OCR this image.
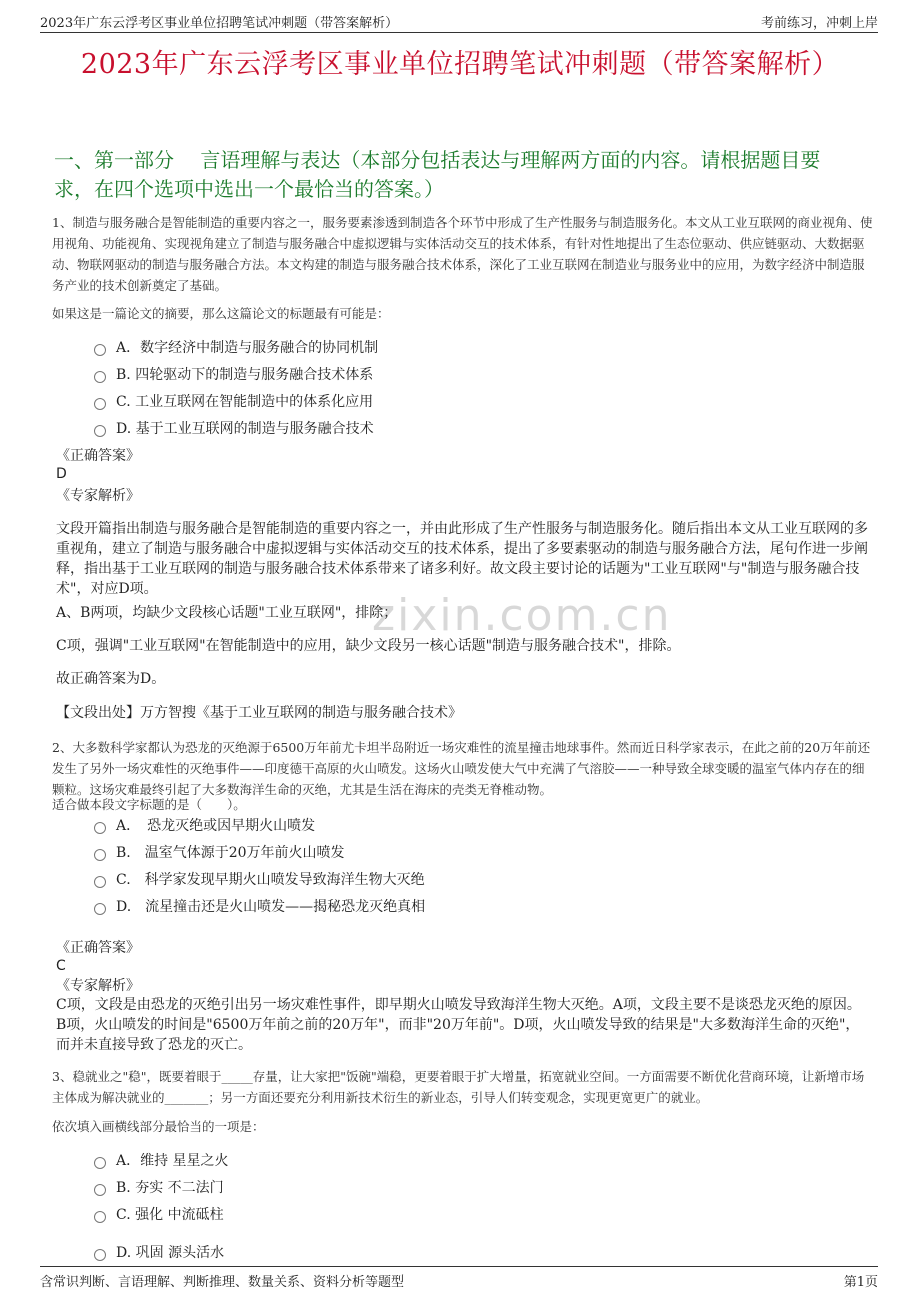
2023年广东云浮考区事业单位招聘笔试冲刺题（带答案解析）	考前练习，冲刺上岸
2023年广东云浮考区事业单位招聘笔试冲刺题（带答案解析）
一、第一部分　 言语理解与表达（本部分包括表达与理解两方面的内容。请根据题目要求，在四个选项中选出一个最恰当的答案。）
zixin.com.cn
1、制造与服务融合是智能制造的重要内容之一，服务要素渗透到制造各个环节中形成了生产性服务与制造服务化。本文从工业互联网的商业视角、使用视角、功能视角、实现视角建立了制造与服务融合中虚拟逻辑与实体活动交互的技术体系，有针对性地提出了生态位驱动、供应链驱动、大数据驱动、物联网驱动的制造与服务融合方法。本文构建的制造与服务融合技术体系，深化了工业互联网在制造业与服务业中的应用，为数字经济中制造服务产业的技术创新奠定了基础。
如果这是一篇论文的摘要，那么这篇论文的标题最有可能是：
A．数字经济中制造与服务融合的协同机制
B. 四轮驱动下的制造与服务融合技术体系
C. 工业互联网在智能制造中的体系化应用
D. 基于工业互联网的制造与服务融合技术
《正确答案》
D
《专家解析》
文段开篇指出制造与服务融合是智能制造的重要内容之一，并由此形成了生产性服务与制造服务化。随后指出本文从工业互联网的多重视角，建立了制造与服务融合中虚拟逻辑与实体活动交互的技术体系，提出了多要素驱动的制造与服务融合方法，尾句作进一步阐释，指出基于工业互联网的制造与服务融合技术体系带来了诸多利好。故文段主要讨论的话题为"工业互联网"与"制造与服务融合技术"，对应D项。
A、B两项，均缺少文段核心话题"工业互联网"，排除；
C项，强调"工业互联网"在智能制造中的应用，缺少文段另一核心话题"制造与服务融合技术"，排除。
故正确答案为D。
【文段出处】万方智搜《基于工业互联网的制造与服务融合技术》
2、大多数科学家都认为恐龙的灭绝源于6500万年前尤卡坦半岛附近一场灾难性的流星撞击地球事件。然而近日科学家表示，在此之前的20万年前还发生了另外一场灾难性的灭绝事件——印度德干高原的火山喷发。这场火山喷发使大气中充满了气溶胶——一种导致全球变暖的温室气体内存在的细颗粒。这场灾难最终引起了大多数海洋生命的灭绝，尤其是生活在海床的壳类无脊椎动物。
适合做本段文字标题的是（　　）。
A．　恐龙灭绝或因早期火山喷发
B.　温室气体源于20万年前火山喷发
C.　科学家发现早期火山喷发导致海洋生物大灭绝
D.　流星撞击还是火山喷发——揭秘恐龙灭绝真相
《正确答案》
C
《专家解析》
C项，文段是由恐龙的灭绝引出另一场灾难性事件，即早期火山喷发导致海洋生物大灭绝。A项，文段主要不是谈恐龙灭绝的原因。B项，火山喷发的时间是"6500万年前之前的20万年"，而非"20万年前"。D项，火山喷发导致的结果是"大多数海洋生命的灭绝"，而并未直接导致了恐龙的灭亡。
3、稳就业之"稳"，既要着眼于_____存量，让大家把"饭碗"端稳，更要着眼于扩大增量，拓宽就业空间。一方面需要不断优化营商环境，让新增市场主体成为解决就业的_______；另一方面还要充分利用新技术衍生的新业态，引导人们转变观念，实现更宽更广的就业。
依次填入画横线部分最恰当的一项是：
A．维持 星星之火
B. 夯实 不二法门
C. 强化 中流砥柱
D. 巩固 源头活水
含常识判断、言语理解、判断推理、数量关系、资料分析等题型	第1页
